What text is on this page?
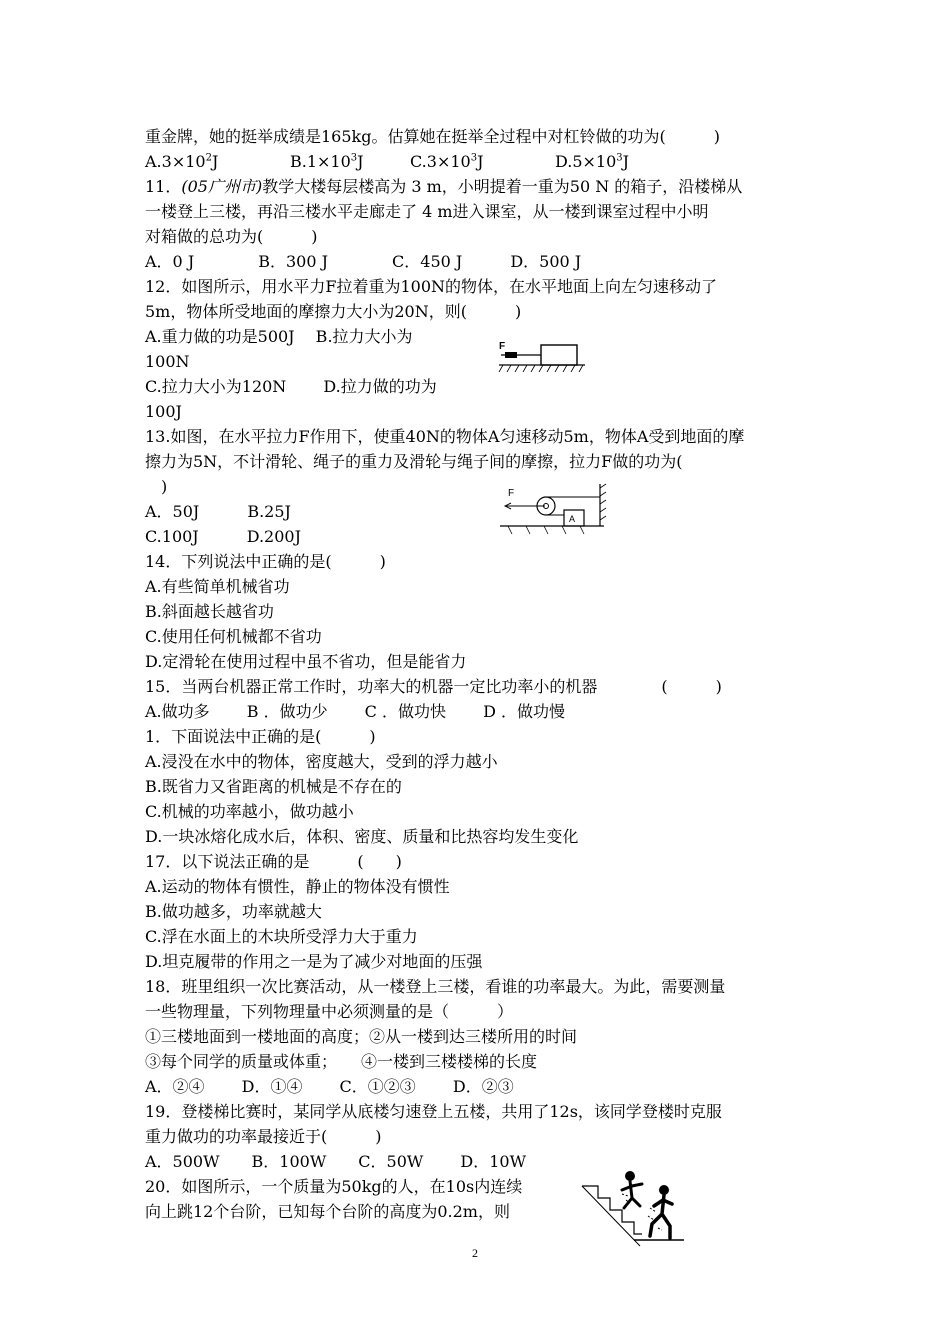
重金牌，她的挺举成绩是165kg。估算她在挺举全过程中对杠铃做的功为(　　　)
$A.3\times 10^2J$	$B.1\times 10^3J$	$C.3\times 10^3J$	$D.5\times 10^3J$
11．(05广州市)教学大楼每层楼高为 3 m，小明提着一重为50 N 的箱子，沿楼梯从
一楼登上三楼，再沿三楼水平走廊走了 4 m进入课室，从一楼到课室过程中小明
对箱做的总功为(　　　)
A．0 J　　　　B．300 J　　　　C．450 J　　　D．500 J
12．如图所示，用水平力F拉着重为100N的物体，在水平地面上向左匀速移动了
5m，物体所受地面的摩擦力大小为20N，则(　　　)
A.重力做的功是500J　 B.拉力大小为
100N
C.拉力大小为120N　　 D.拉力做的功为
100J
F
13.如图，在水平拉力F作用下，使重40N的物体A匀速移动5m，物体A受到地面的摩
擦力为5N，不计滑轮、绳子的重力及滑轮与绳子间的摩擦，拉力F做的功为(
　)
A．50J　　　B.25J
C.100J　　　D.200J
F
A
14．下列说法中正确的是(　　　)
A.有些简单机械省功
B.斜面越长越省功
C.使用任何机械都不省功
D.定滑轮在使用过程中虽不省功，但是能省力
15．当两台机器正常工作时，功率大的机器一定比功率小的机器　　　　(　　　)
A.做功多　　 B ．做功少　　 C ．做功快　　 D ．做功慢
1．下面说法中正确的是(　　　)
A.浸没在水中的物体，密度越大，受到的浮力越小
B.既省力又省距离的机械是不存在的
C.机械的功率越小，做功越小
D.一块冰熔化成水后，体积、密度、质量和比热容均发生变化
17．以下说法正确的是　　　(　　)
A.运动的物体有惯性，静止的物体没有惯性
B.做功越多，功率就越大
C.浮在水面上的木块所受浮力大于重力
D.坦克履带的作用之一是为了减少对地面的压强
18．班里组织一次比赛活动，从一楼登上三楼，看谁的功率最大。为此，需要测量
一些物理量，下列物理量中必须测量的是（　　　）
①三楼地面到一楼地面的高度；②从一楼到达三楼所用的时间
③每个同学的质量或体重；　　④一楼到三楼楼梯的长度
A．②④　　 D．①④　　 C．①②③　　 D．②③
19．登楼梯比赛时，某同学从底楼匀速登上五楼，共用了12s，该同学登楼时克服
重力做功的功率最接近于(　　　)
A．500W　　B．100W　　C．50W　　 D．10W
20．如图所示，一个质量为50kg的人，在10s内连续
向上跳12个台阶，已知每个台阶的高度为0.2m，则
2
